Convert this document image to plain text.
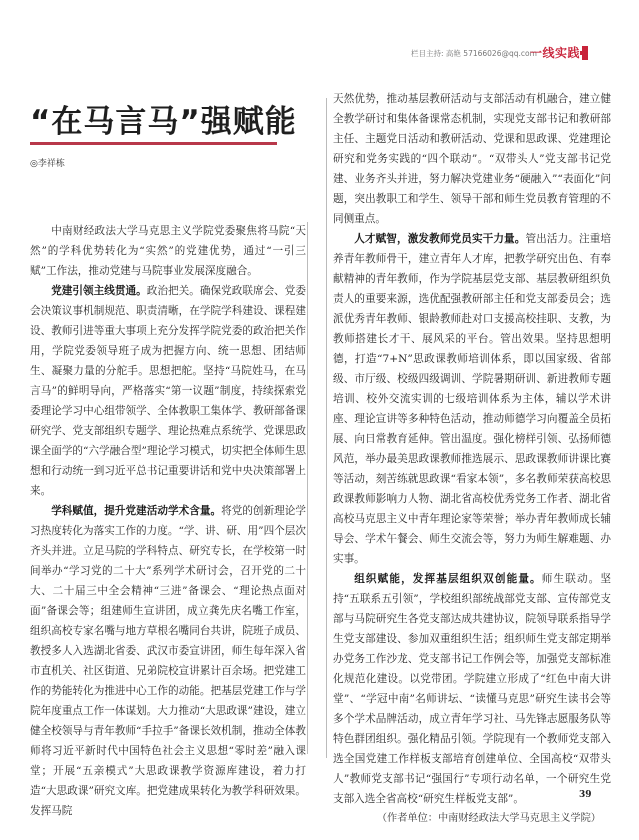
栏目主持: 高艳 57166026@qq.com
一线实践
“在马言马”强赋能
◎李祥栋

中南财经政法大学马克思主义学院党委聚焦将马院“天然”的学科优势转化为“实然”的党建优势，通过“一引三赋”工作法，推动党建与马院事业发展深度融合。

党建引领主线贯通。政治把关。确保党政联席会、党委会决策议事机制规范、职责清晰，在学院学科建设、课程建设、教师引进等重大事项上充分发挥学院党委的政治把关作用，学院党委领导班子成为把握方向、统一思想、团结师生、凝聚力量的分舵手。思想把舵。坚持“马院姓马，在马言马”的鲜明导向，严格落实“第一议题”制度，持续探索党委理论学习中心组带领学、全体教职工集体学、教研部备课研究学、党支部组织专题学、理论热难点系统学、党课思政课全面学的“六学融合型”理论学习模式，切实把全体师生思想和行动统一到习近平总书记重要讲话和党中央决策部署上来。

学科赋值，提升党建活动学术含量。将党的创新理论学习热度转化为落实工作的力度。“学、讲、研、用”四个层次齐头并进。立足马院的学科特点、研究专长，在学校第一时间举办“学习党的二十大”系列学术研讨会，召开党的二十大、二十届三中全会精神“三进”备课会、“理论热点面对面”备课会等；组建师生宣讲团，成立龚先庆名嘴工作室，组织高校专家名嘴与地方草根名嘴同台共讲，院班子成员、教授多人入选湖北省委、武汉市委宣讲团，师生每年深入省市直机关、社区街道、兄弟院校宣讲累计百余场。把党建工作的势能转化为推进中心工作的动能。把基层党建工作与学院年度重点工作一体谋划。大力推动“大思政课”建设，建立健全校领导与青年教师“手拉手”备课长效机制，推动全体教师将习近平新时代中国特色社会主义思想“零时差”融入课堂；开展“五亲模式”大思政课教学资源库建设，着力打造“大思政课”研究文库。把党建成果转化为教学科研效果。发挥马院

天然优势，推动基层教研活动与支部活动有机融合，建立健全教学研讨和集体备课常态机制，实现党支部书记和教研部主任、主题党日活动和教研活动、党课和思政课、党建理论研究和党务实践的“四个联动”。“双带头人”党支部书记党建、业务齐头并进，努力解决党建业务“硬融入”“表面化”问题，突出教职工和学生、领导干部和师生党员教育管理的不同侧重点。

人才赋智，激发教师党员实干力量。管出活力。注重培养青年教师骨干，建立青年人才库，把教学研究出色、有奉献精神的青年教师，作为学院基层党支部、基层教研组织负责人的重要来源，选优配强教研部主任和党支部委员会；选派优秀青年教师、银龄教师赴对口支援高校挂职、支教，为教师搭建长才干、展风采的平台。管出效果。坚持思想明德，打造“7+N”思政课教师培训体系，即以国家级、省部级、市厅级、校级四级调训、学院暑期研训、新进教师专题培训、校外交流实训的七级培训体系为主体，辅以学术讲座、理论宣讲等多种特色活动，推动师德学习向覆盖全员拓展、向日常教育延伸。管出温度。强化榜样引领、弘扬师德风范，举办最美思政课教师推选展示、思政课教师讲课比赛等活动，刻苦练就思政课“看家本领”，多名教师荣获高校思政课教师影响力人物、湖北省高校优秀党务工作者、湖北省高校马克思主义中青年理论家等荣誉；举办青年教师成长辅导会、学术午餐会、师生交流会等，努力为师生解难题、办实事。

组织赋能，发挥基层组织双创能量。师生联动。坚持“五联系五引领”，学校组织部统战部党支部、宣传部党支部与马院研究生各党支部达成共建协议，院领导联系指导学生党支部建设、参加双重组织生活；组织师生党支部定期举办党务工作沙龙、党支部书记工作例会等，加强党支部标准化规范化建设。以党带团。学院建立形成了“红色中南大讲堂”、“学冠中南”名师讲坛、“读懂马克思”研究生读书会等多个学术品牌活动，成立青年学习社、马先锋志愿服务队等特色群团组织。强化精品引领。学院现有一个教师党支部入选全国党建工作样板支部培育创建单位、全国高校“双带头人”教师党支部书记“强国行”专项行动名单，一个研究生党支部入选全省高校“研究生样板党支部”。

（作者单位：中南财经政法大学马克思主义学院）

39
